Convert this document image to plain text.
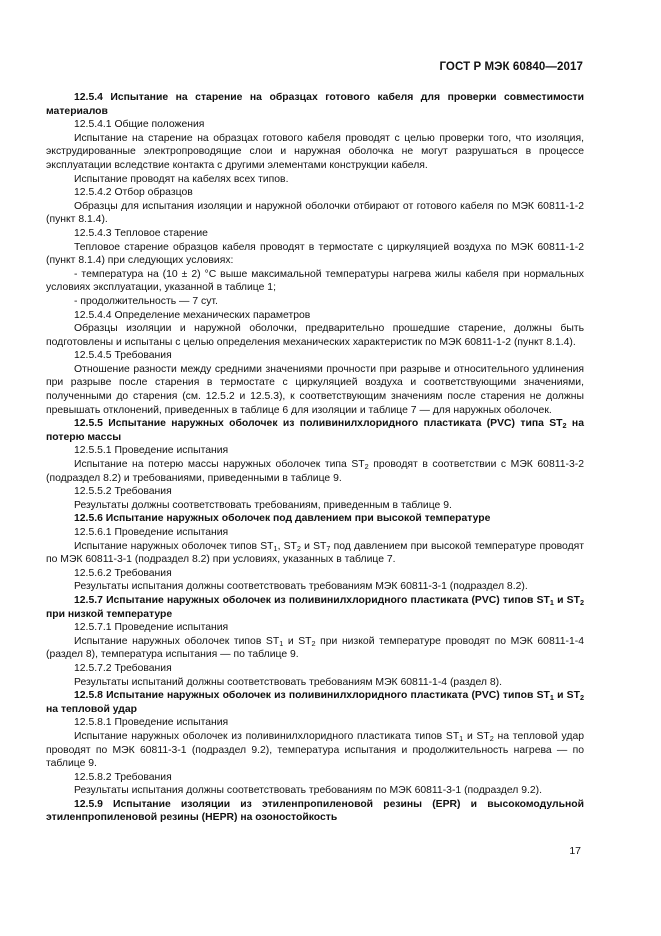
ГОСТ Р МЭК 60840—2017

12.5.4 Испытание на старение на образцах готового кабеля для проверки совместимости материалов

12.5.4.1 Общие положения

Испытание на старение на образцах готового кабеля проводят с целью проверки того, что изоляция, экструдированные электропроводящие слои и наружная оболочка не могут разрушаться в процессе эксплуатации вследствие контакта с другими элементами конструкции кабеля.

Испытание проводят на кабелях всех типов.

12.5.4.2 Отбор образцов

Образцы для испытания изоляции и наружной оболочки отбирают от готового кабеля по МЭК 60811-1-2 (пункт 8.1.4).

12.5.4.3 Тепловое старение

Тепловое старение образцов кабеля проводят в термостате с циркуляцией воздуха по МЭК 60811-1-2 (пункт 8.1.4) при следующих условиях:

- температура на (10 ± 2) °С выше максимальной температуры нагрева жилы кабеля при нормальных условиях эксплуатации, указанной в таблице 1;

- продолжительность — 7 сут.

12.5.4.4 Определение механических параметров

Образцы изоляции и наружной оболочки, предварительно прошедшие старение, должны быть подготовлены и испытаны с целью определения механических характеристик по МЭК 60811-1-2 (пункт 8.1.4).

12.5.4.5 Требования

Отношение разности между средними значениями прочности при разрыве и относительного удлинения при разрыве после старения в термостате с циркуляцией воздуха и соответствующими значениями, полученными до старения (см. 12.5.2 и 12.5.3), к соответствующим значениям после старения не должны превышать отклонений, приведенных в таблице 6 для изоляции и таблице 7 — для наружных оболочек.

12.5.5 Испытание наружных оболочек из поливинилхлоридного пластиката (PVC) типа $ST_2$ на потерю массы

12.5.5.1 Проведение испытания

Испытание на потерю массы наружных оболочек типа $ST_2$ проводят в соответствии с МЭК 60811-3-2 (подраздел 8.2) и требованиями, приведенными в таблице 9.

12.5.5.2 Требования

Результаты должны соответствовать требованиям, приведенным в таблице 9.

12.5.6 Испытание наружных оболочек под давлением при высокой температуре

12.5.6.1 Проведение испытания

Испытание наружных оболочек типов $ST_1$, $ST_2$ и $ST_7$ под давлением при высокой температуре проводят по МЭК 60811-3-1 (подраздел 8.2) при условиях, указанных в таблице 7.

12.5.6.2 Требования

Результаты испытания должны соответствовать требованиям МЭК 60811-3-1 (подраздел 8.2).

12.5.7 Испытание наружных оболочек из поливинилхлоридного пластиката (PVC) типов $ST_1$ и $ST_2$ при низкой температуре

12.5.7.1 Проведение испытания

Испытание наружных оболочек типов $ST_1$ и $ST_2$ при низкой температуре проводят по МЭК 60811-1-4 (раздел 8), температура испытания — по таблице 9.

12.5.7.2 Требования

Результаты испытаний должны соответствовать требованиям МЭК 60811-1-4 (раздел 8).

12.5.8 Испытание наружных оболочек из поливинилхлоридного пластиката (PVC) типов $ST_1$ и $ST_2$ на тепловой удар

12.5.8.1 Проведение испытания

Испытание наружных оболочек из поливинилхлоридного пластиката типов $ST_1$ и $ST_2$ на тепловой удар проводят по МЭК 60811-3-1 (подраздел 9.2), температура испытания и продолжительность нагрева — по таблице 9.

12.5.8.2 Требования

Результаты испытания должны соответствовать требованиям по МЭК 60811-3-1 (подраздел 9.2).

12.5.9 Испытание изоляции из этиленпропиленовой резины (EPR) и высокомодульной этиленпропиленовой резины (HEPR) на озоностойкость

17
